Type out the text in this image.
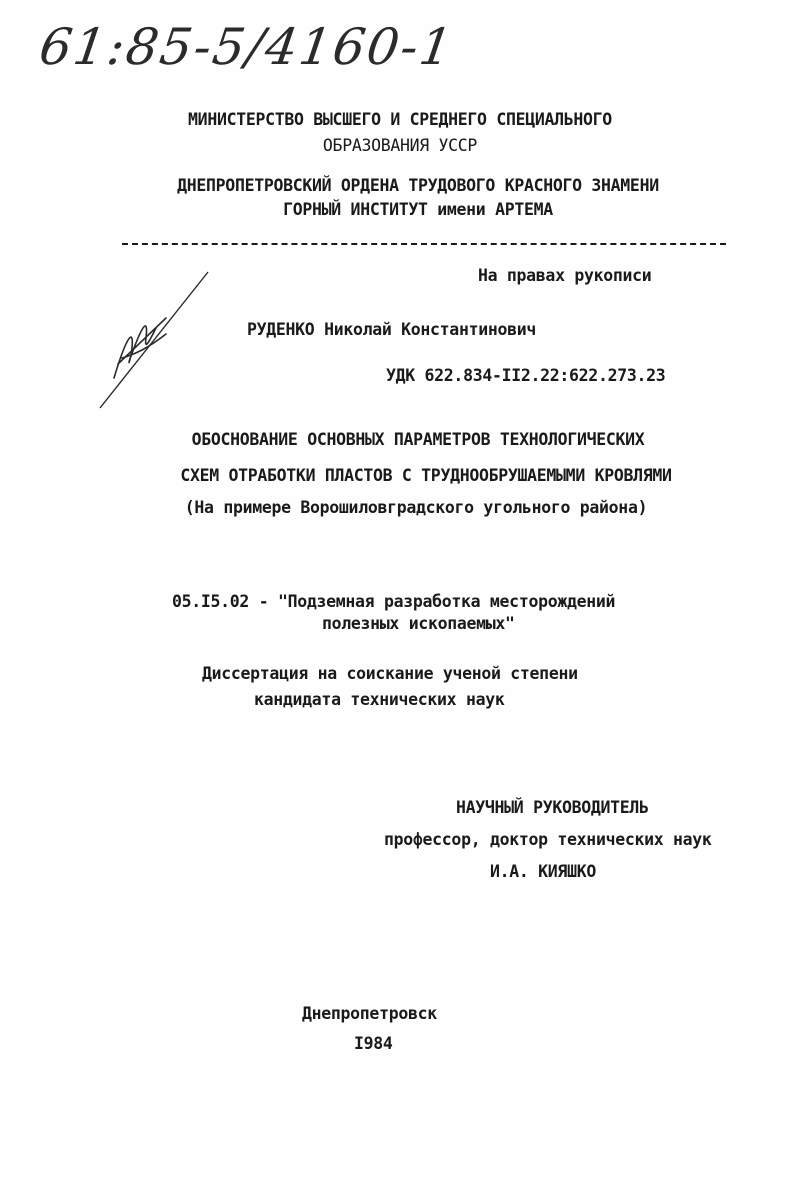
61:85-5/4160-1
МИНИСТЕРСТВО ВЫСШЕГО И СРЕДНЕГО СПЕЦИАЛЬНОГО
ОБРАЗОВАНИЯ УССР
ДНЕПРОПЕТРОВСКИЙ ОРДЕНА ТРУДОВОГО КРАСНОГО ЗНАМЕНИ
ГОРНЫЙ ИНСТИТУТ имени АРТЕМА
На правах рукописи
РУДЕНКО Николай Константинович
УДК 622.834-II2.22:622.273.23
ОБОСНОВАНИЕ ОСНОВНЫХ ПАРАМЕТРОВ ТЕХНОЛОГИЧЕСКИХ
СХЕМ ОТРАБОТКИ ПЛАСТОВ С ТРУДНООБРУШАЕМЫМИ КРОВЛЯМИ
(На примере Ворошиловградского угольного района)
05.I5.02 - "Подземная разработка месторождений
полезных ископаемых"
Диссертация на соискание ученой степени
кандидата технических наук
НАУЧНЫЙ РУКОВОДИТЕЛЬ
профессор, доктор технических наук
И.А. КИЯШКО
Днепропетровск
I984
